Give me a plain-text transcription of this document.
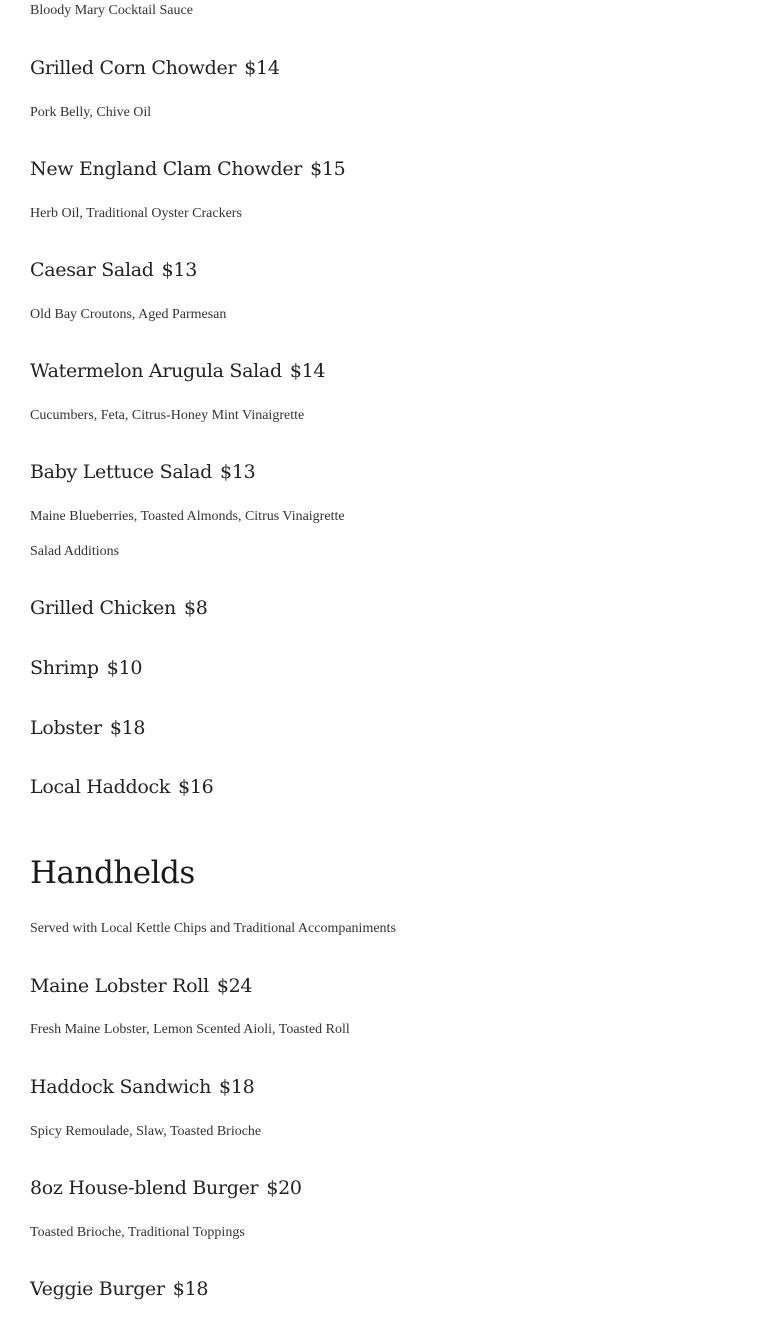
Bloody Mary Cocktail Sauce

Grilled Corn Chowder $14

Pork Belly, Chive Oil

New England Clam Chowder $15

Herb Oil, Traditional Oyster Crackers

Caesar Salad $13

Old Bay Croutons, Aged Parmesan

Watermelon Arugula Salad $14

Cucumbers, Feta, Citrus-Honey Mint Vinaigrette

Baby Lettuce Salad $13

Maine Blueberries, Toasted Almonds, Citrus Vinaigrette

Salad Additions

Grilled Chicken $8
Shrimp $10
Lobster $18
Local Haddock $16
Handhelds

Served with Local Kettle Chips and Traditional Accompaniments

Maine Lobster Roll $24

Fresh Maine Lobster, Lemon Scented Aioli, Toasted Roll

Haddock Sandwich $18

Spicy Remoulade, Slaw, Toasted Brioche

8oz House-blend Burger $20

Toasted Brioche, Traditional Toppings

Veggie Burger $18
